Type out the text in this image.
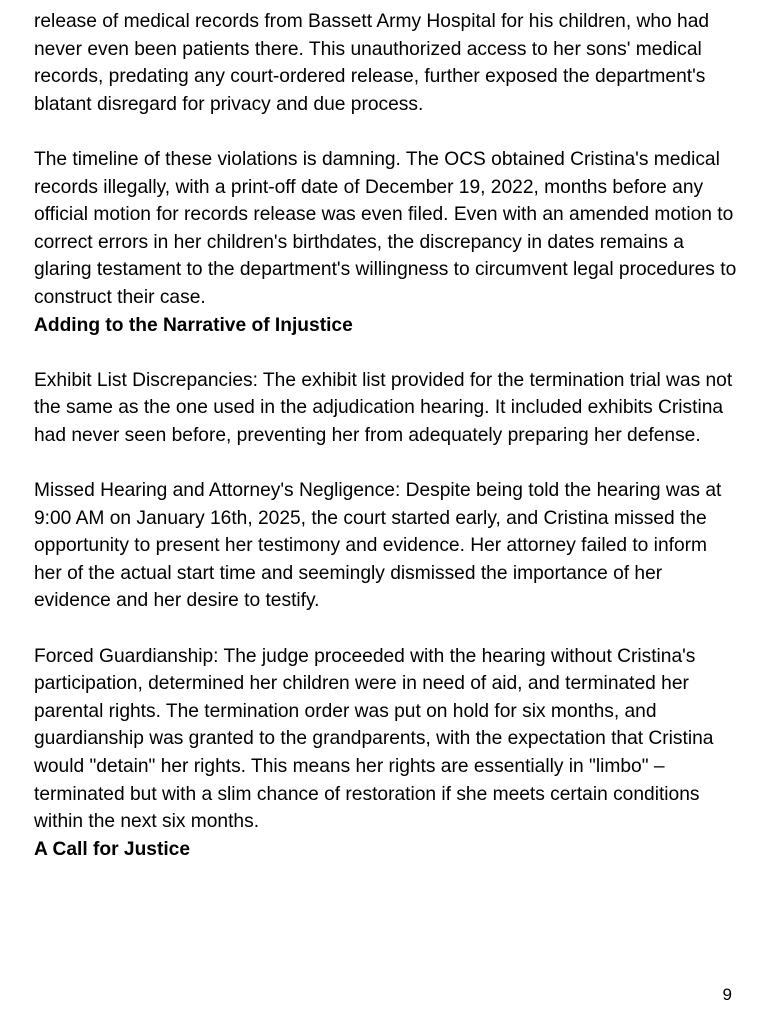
release of medical records from Bassett Army Hospital for his children, who had never even been patients there. This unauthorized access to her sons' medical records, predating any court-ordered release, further exposed the department's blatant disregard for privacy and due process.

The timeline of these violations is damning. The OCS obtained Cristina's medical records illegally, with a print-off date of December 19, 2022, months before any official motion for records release was even filed. Even with an amended motion to correct errors in her children's birthdates, the discrepancy in dates remains a glaring testament to the department's willingness to circumvent legal procedures to construct their case.

Adding to the Narrative of Injustice

Exhibit List Discrepancies: The exhibit list provided for the termination trial was not the same as the one used in the adjudication hearing. It included exhibits Cristina had never seen before, preventing her from adequately preparing her defense.

Missed Hearing and Attorney's Negligence: Despite being told the hearing was at 9:00 AM on January 16th, 2025, the court started early, and Cristina missed the opportunity to present her testimony and evidence. Her attorney failed to inform her of the actual start time and seemingly dismissed the importance of her evidence and her desire to testify.

Forced Guardianship: The judge proceeded with the hearing without Cristina's participation, determined her children were in need of aid, and terminated her parental rights. The termination order was put on hold for six months, and guardianship was granted to the grandparents, with the expectation that Cristina would "detain" her rights. This means her rights are essentially in "limbo" – terminated but with a slim chance of restoration if she meets certain conditions within the next six months.

A Call for Justice
9
